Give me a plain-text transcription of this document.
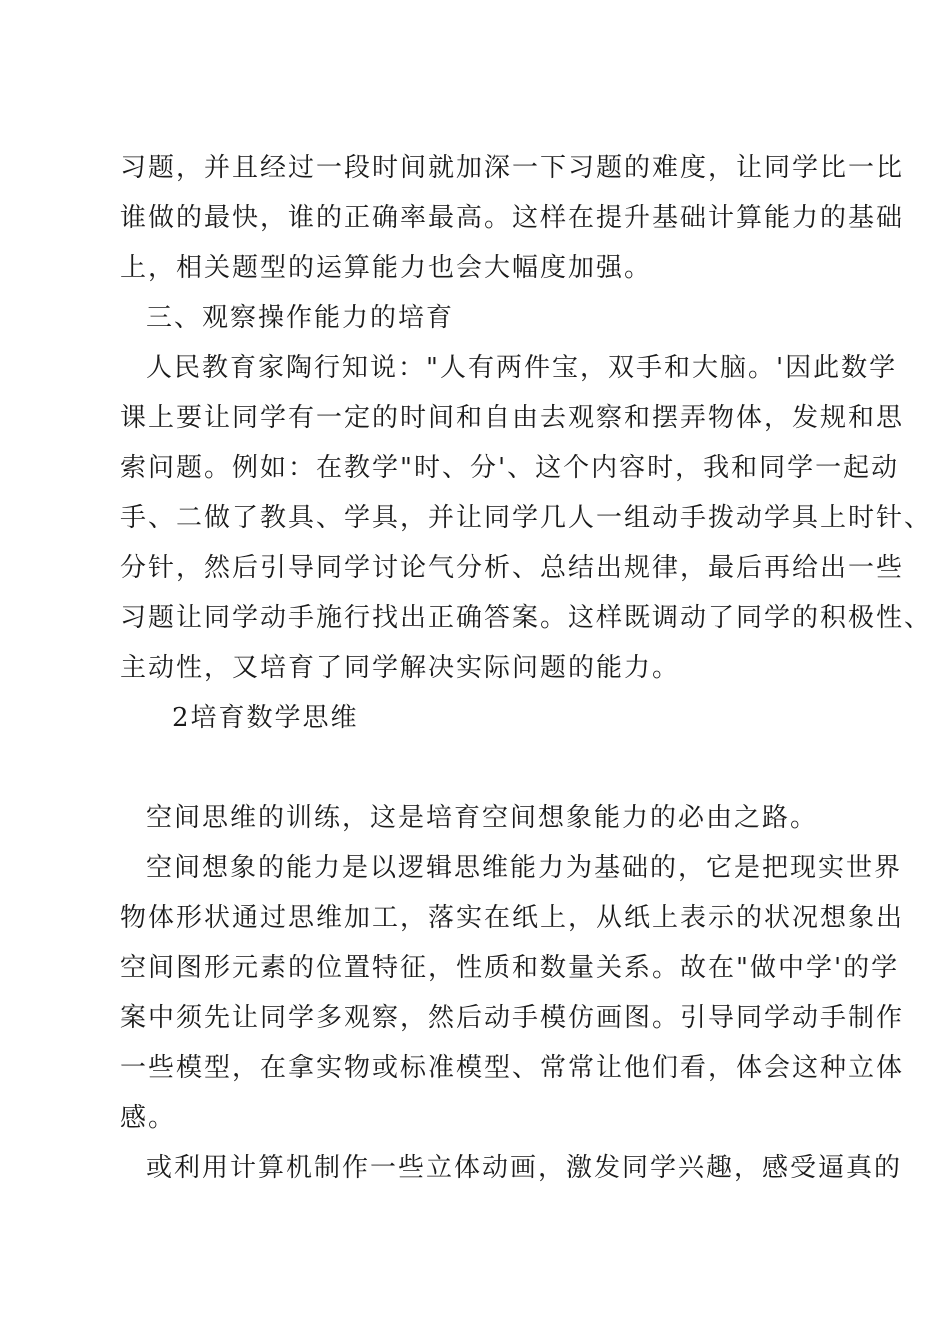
习题，并且经过一段时间就加深一下习题的难度，让同学比一比
谁做的最快，谁的正确率最高。这样在提升基础计算能力的基础
上，相关题型的运算能力也会大幅度加强。
三、观察操作能力的培育
人民教育家陶行知说："人有两件宝，双手和大脑。'因此数学
课上要让同学有一定的时间和自由去观察和摆弄物体，发规和思
索问题。例如：在教学"时、分'、这个内容时，我和同学一起动
手、二做了教具、学具，并让同学几人一组动手拨动学具上时针、
分针，然后引导同学讨论气分析、总结出规律，最后再给出一些
习题让同学动手施行找出正确答案。这样既调动了同学的积极性、
主动性，又培育了同学解决实际问题的能力。
2培育数学思维
空间思维的训练，这是培育空间想象能力的必由之路。
空间想象的能力是以逻辑思维能力为基础的，它是把现实世界
物体形状通过思维加工，落实在纸上，从纸上表示的状况想象出
空间图形元素的位置特征，性质和数量关系。故在"做中学'的学
案中须先让同学多观察，然后动手模仿画图。引导同学动手制作
一些模型，在拿实物或标准模型、常常让他们看，体会这种立体
感。
或利用计算机制作一些立体动画，激发同学兴趣，感受逼真的
